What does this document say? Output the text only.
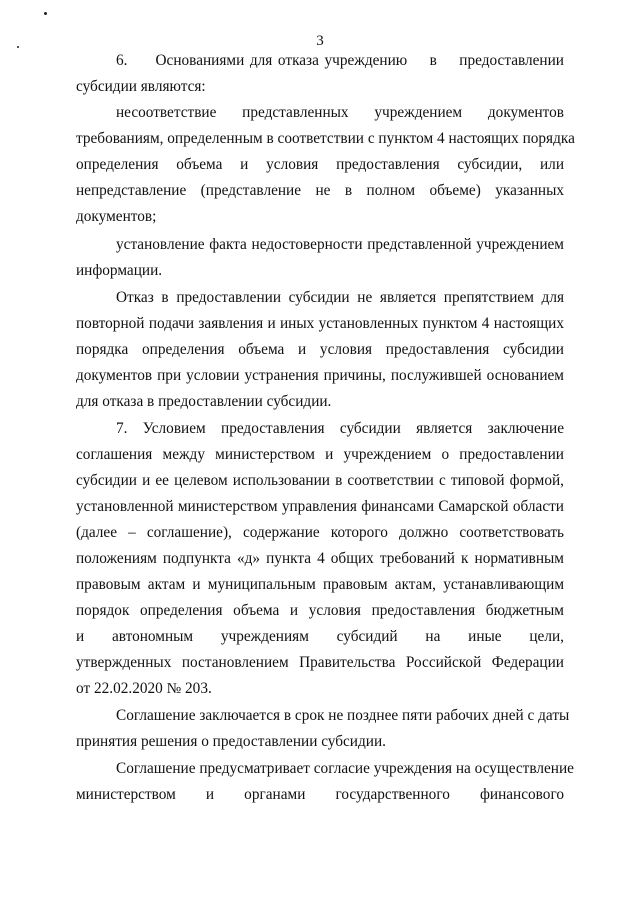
3
6.     Основаниями для отказа учреждению    в    предоставлении
субсидии являются:
несоответствие представленных учреждением документов
требованиям, определенным в соответствии с пунктом 4 настоящих порядка
определения объема и условия предоставления субсидии, или
непредставление (представление не в полном объеме) указанных
документов;
установление факта недостоверности представленной учреждением
информации.
Отказ в предоставлении субсидии не является препятствием для
повторной подачи заявления и иных установленных пунктом 4 настоящих
порядка определения объема и условия предоставления субсидии
документов при условии устранения причины, послужившей основанием
для отказа в предоставлении субсидии.
7. Условием предоставления субсидии является заключение
соглашения между министерством и учреждением о предоставлении
субсидии и ее целевом использовании в соответствии с типовой формой,
установленной министерством управления финансами Самарской области
(далее – соглашение), содержание которого должно соответствовать
положениям подпункта «д» пункта 4 общих требований к нормативным
правовым актам и муниципальным правовым актам, устанавливающим
порядок определения объема и условия предоставления бюджетным
и автономным учреждениям субсидий на иные цели,
утвержденных постановлением Правительства Российской Федерации
от 22.02.2020 № 203.
Соглашение заключается в срок не позднее пяти рабочих дней с даты
принятия решения о предоставлении субсидии.
Соглашение предусматривает согласие учреждения на осуществление
министерством и органами государственного финансового
